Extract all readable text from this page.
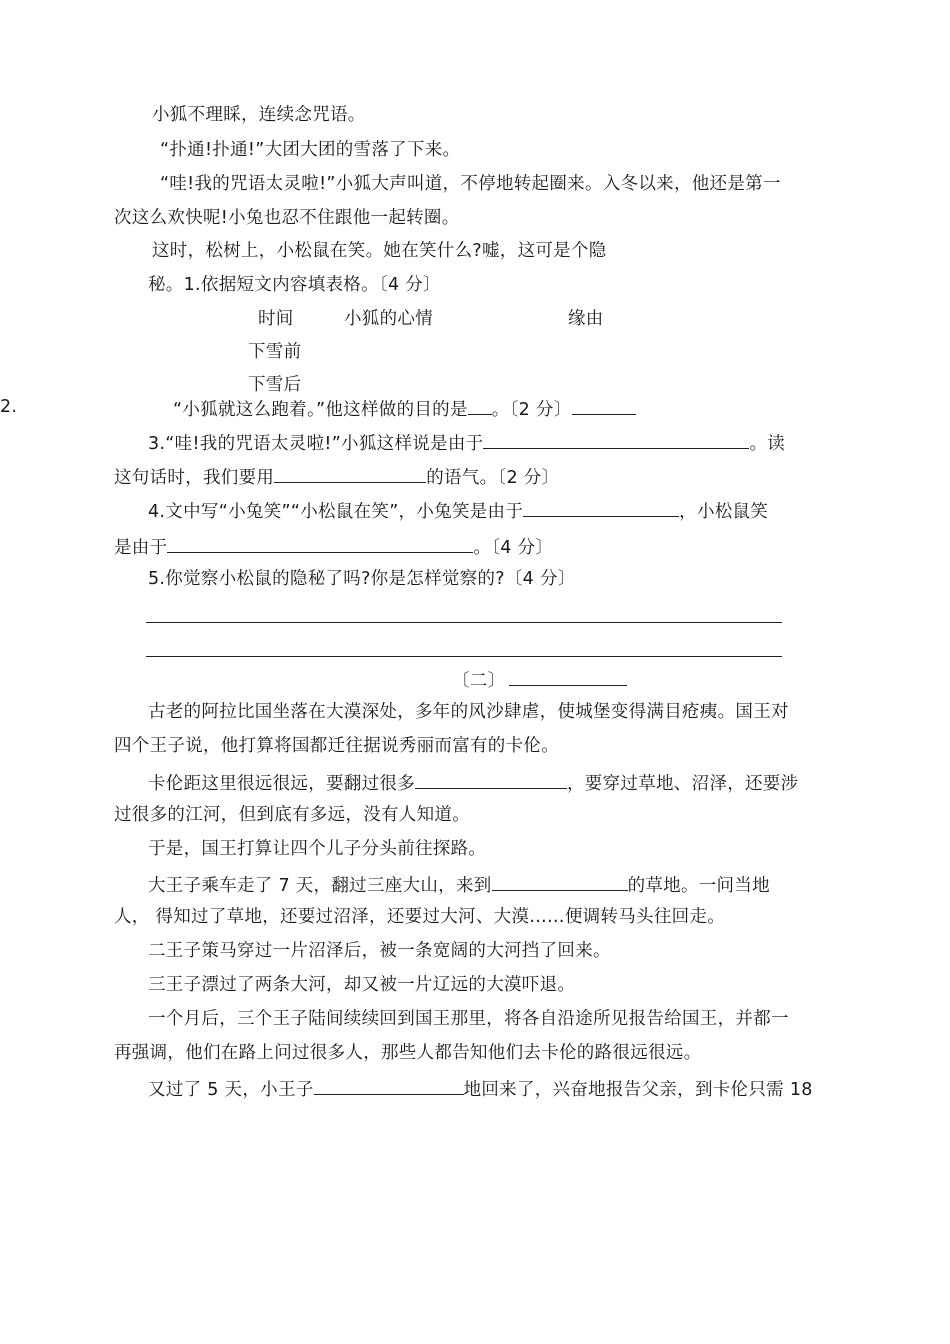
小狐不理睬，连续念咒语。
“扑通!扑通!”大团大团的雪落了下来。
“哇!我的咒语太灵啦!”小狐大声叫道，不停地转起圈来。入冬以来，他还是第一
次这么欢快呢!小兔也忍不住跟他一起转圈。
这时，松树上，小松鼠在笑。她在笑什么?嘘，这可是个隐
秘。1.依据短文内容填表格。〔4 分〕
时间	小狐的心情	缘由
下雪前
下雪后
2.	“小狐就这么跑着。”他这样做的目的是 。〔2 分〕
3.“哇!我的咒语太灵啦!”小狐这样说是由于	。读
这句话时，我们要用	的语气。〔2 分〕
4.文中写“小兔笑”“小松鼠在笑”，小兔笑是由于	，小松鼠笑
是由于	。〔4 分〕
5.你觉察小松鼠的隐秘了吗?你是怎样觉察的?〔4 分〕
〔二〕
古老的阿拉比国坐落在大漠深处，多年的风沙肆虐，使城堡变得满目疮痍。国王对
四个王子说，他打算将国都迁往据说秀丽而富有的卡伦。
卡伦距这里很远很远，要翻过很多	，要穿过草地、沼泽，还要涉
过很多的江河，但到底有多远，没有人知道。
于是，国王打算让四个儿子分头前往探路。
大王子乘车走了 7 天，翻过三座大山，来到	的草地。一问当地
人， 得知过了草地，还要过沼泽，还要过大河、大漠……便调转马头往回走。
二王子策马穿过一片沼泽后，被一条宽阔的大河挡了回来。
三王子漂过了两条大河，却又被一片辽远的大漠吓退。
一个月后，三个王子陆间续续回到国王那里，将各自沿途所见报告给国王，并都一
再强调，他们在路上问过很多人，那些人都告知他们去卡伦的路很远很远。
又过了 5 天，小王子	地回来了，兴奋地报告父亲，到卡伦只需 18
